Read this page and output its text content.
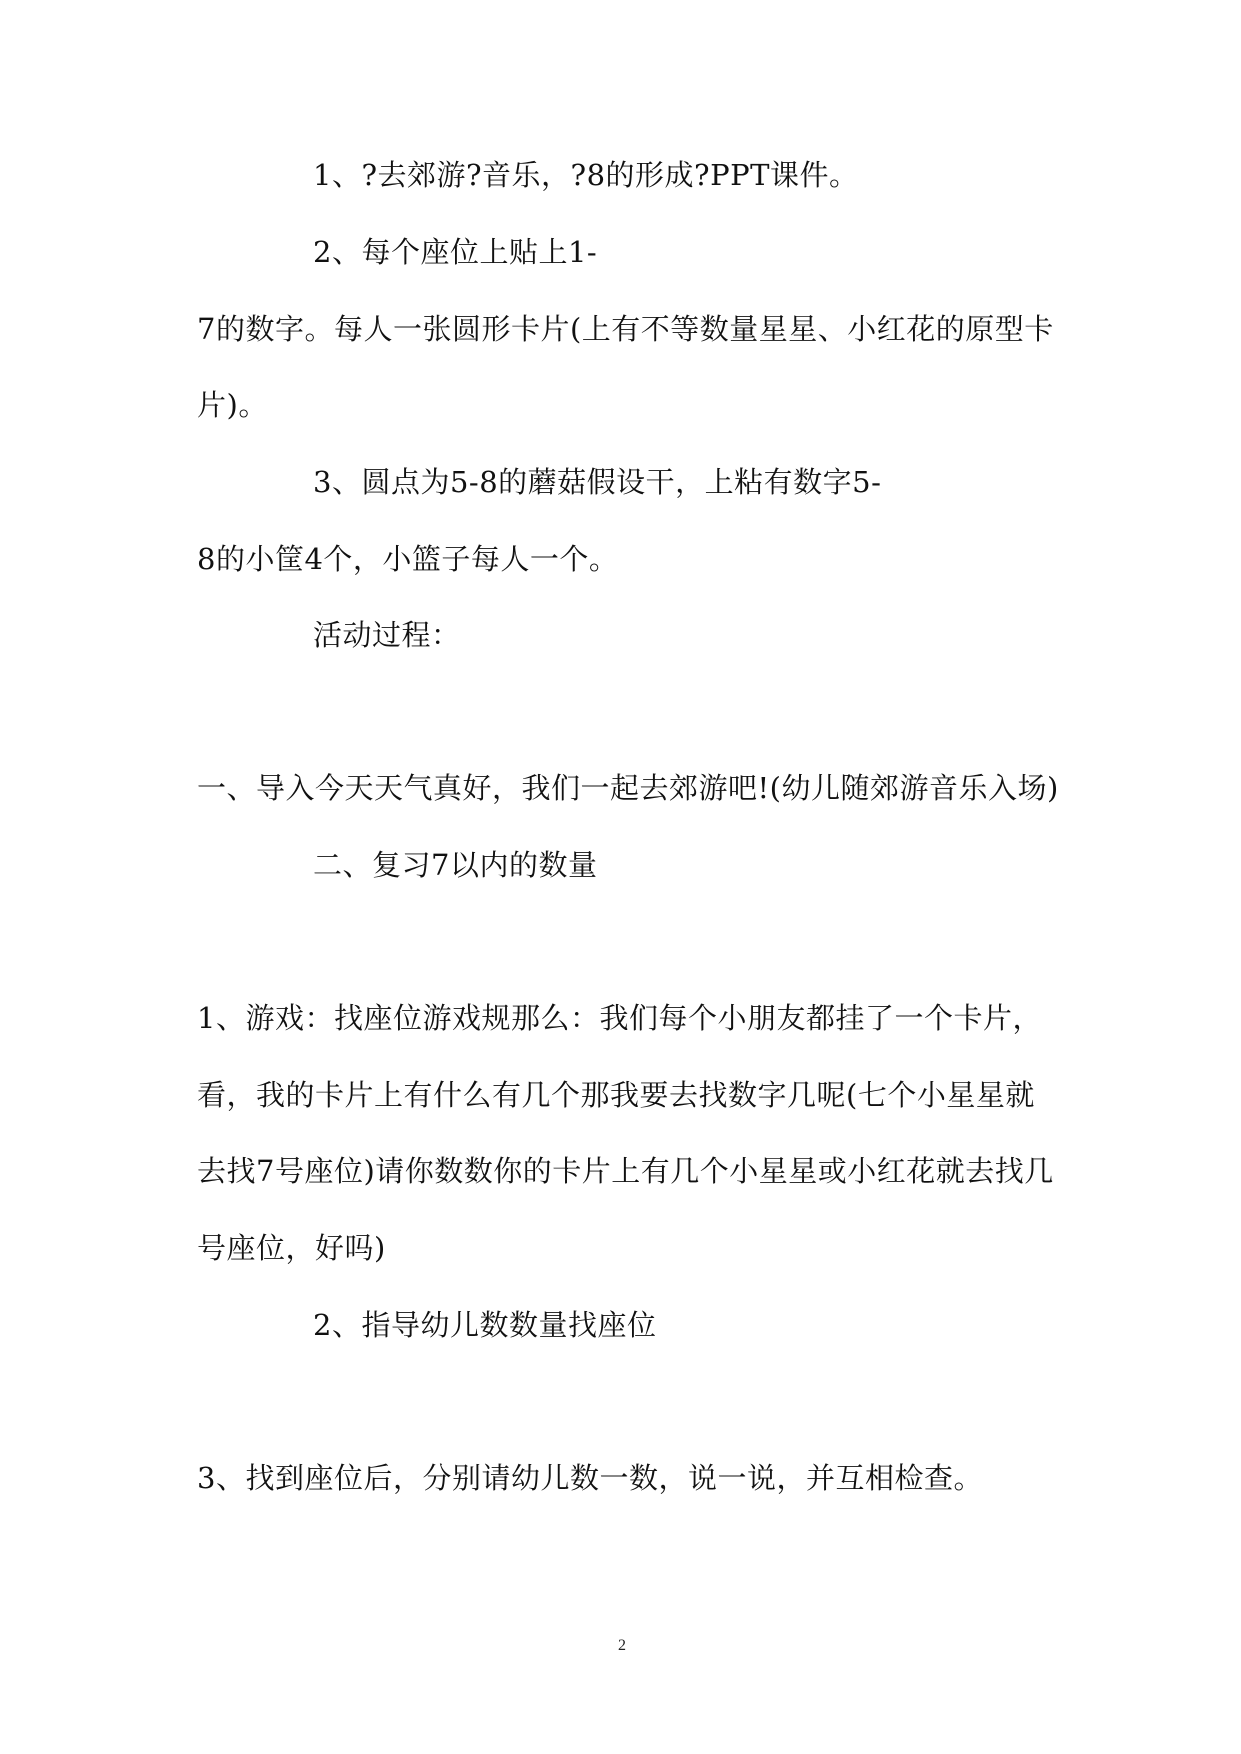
1、?去郊游?音乐，?8的形成?PPT课件。
2、每个座位上贴上1-
7的数字。每人一张圆形卡片(上有不等数量星星、小红花的原型卡
片)。
3、圆点为5-8的蘑菇假设干，上粘有数字5-
8的小筐4个，小篮子每人一个。
活动过程：
一、导入今天天气真好，我们一起去郊游吧!(幼儿随郊游音乐入场)
二、复习7以内的数量
1、游戏：找座位游戏规那么：我们每个小朋友都挂了一个卡片，
看，我的卡片上有什么有几个那我要去找数字几呢(七个小星星就
去找7号座位)请你数数你的卡片上有几个小星星或小红花就去找几
号座位，好吗)
2、指导幼儿数数量找座位
3、找到座位后，分别请幼儿数一数，说一说，并互相检查。
2
